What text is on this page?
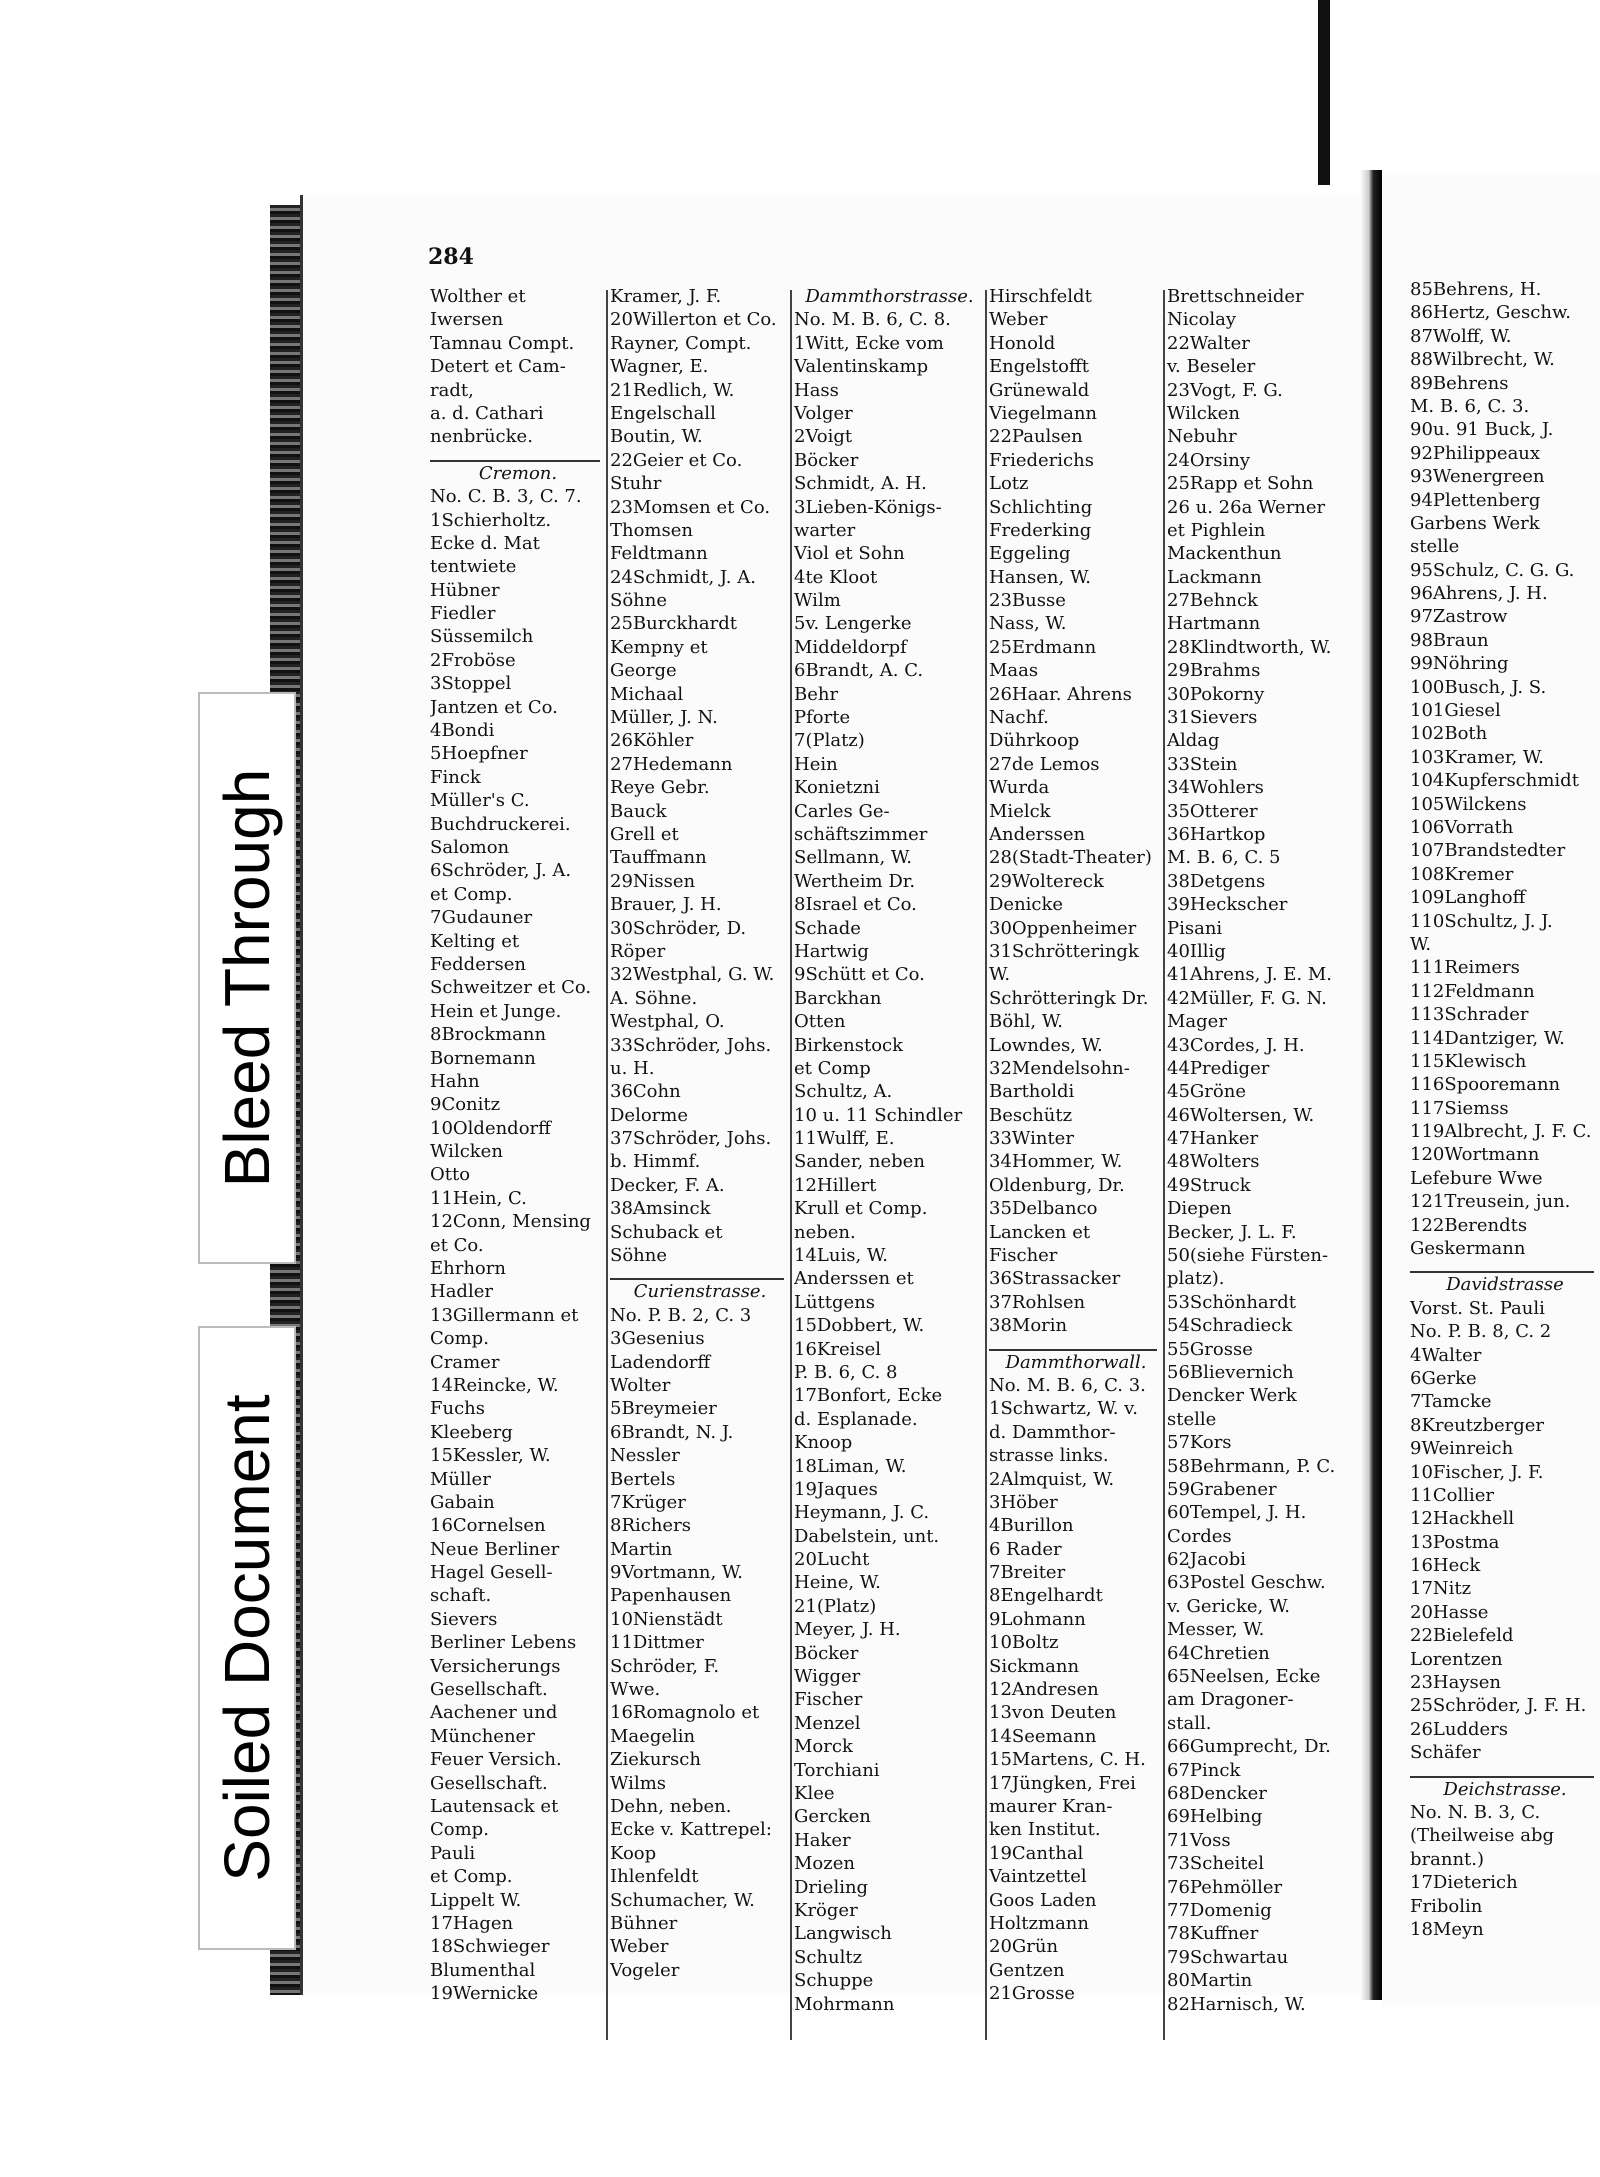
284
Wolther et
Iwersen
Tamnau Compt.
Detert et Cam-
radt,
a. d. Cathari
nenbrücke.
Cremon.
No. C. B. 3, C. 7.
1Schierholtz.
Ecke d. Mat
tentwiete
Hübner
Fiedler
Süssemilch
2Froböse
3Stoppel
Jantzen et Co.
4Bondi
5Hoepfner
Finck
Müller's C.
Buchdruckerei.
Salomon
6Schröder, J. A.
et Comp.
7Gudauner
Kelting et
Feddersen
Schweitzer et Co.
Hein et Junge.
8Brockmann
Bornemann
Hahn
9Conitz
10Oldendorff
Wilcken
Otto
11Hein, C.
12Conn, Mensing
et Co.
Ehrhorn
Hadler
13Gillermann et
Comp.
Cramer
14Reincke, W.
Fuchs
Kleeberg
15Kessler, W.
Müller
Gabain
16Cornelsen
Neue Berliner
Hagel Gesell-
schaft.
Sievers
Berliner Lebens
Versicherungs
Gesellschaft.
Aachener und
Münchener
Feuer Versich.
Gesellschaft.
Lautensack et
Comp.
Pauli
et Comp.
Lippelt W.
17Hagen
18Schwieger
Blumenthal
19Wernicke
Kramer, J. F.
20Willerton et Co.
Rayner, Compt.
Wagner, E.
21Redlich, W.
Engelschall
Boutin, W.
22Geier et Co.
Stuhr
23Momsen et Co.
Thomsen
Feldtmann
24Schmidt, J. A.
Söhne
25Burckhardt
Kempny et
George
Michaal
Müller, J. N.
26Köhler
27Hedemann
Reye Gebr.
Bauck
Grell et
Tauffmann
29Nissen
Brauer, J. H.
30Schröder, D.
Röper
32Westphal, G. W.
A. Söhne.
Westphal, O.
33Schröder, Johs.
u. H.
36Cohn
Delorme
37Schröder, Johs.
b. Himmf.
Decker, F. A.
38Amsinck
Schuback et
Söhne
Curienstrasse.
No. P. B. 2, C. 3
3Gesenius
Ladendorff
Wolter
5Breymeier
6Brandt, N. J.
Nessler
Bertels
7Krüger
8Richers
Martin
9Vortmann, W.
Papenhausen
10Nienstädt
11Dittmer
Schröder, F.
Wwe.
16Romagnolo et
Maegelin
Ziekursch
Wilms
Dehn, neben.
Ecke v. Kattrepel:
Koop
Ihlenfeldt
Schumacher, W.
Bühner
Weber
Vogeler
Dammthorstrasse.
No. M. B. 6, C. 8.
1Witt, Ecke vom
Valentinskamp
Hass
Volger
2Voigt
Böcker
Schmidt, A. H.
3Lieben-Königs-
warter
Viol et Sohn
4te Kloot
Wilm
5v. Lengerke
Middeldorpf
6Brandt, A. C.
Behr
Pforte
7(Platz)
Hein
Konietzni
Carles Ge-
schäftszimmer
Sellmann, W.
Wertheim Dr.
8Israel et Co.
Schade
Hartwig
9Schütt et Co.
Barckhan
Otten
Birkenstock
et Comp
Schultz, A.
10 u. 11 Schindler
11Wulff, E.
Sander, neben
12Hillert
Krull et Comp.
neben.
14Luis, W.
Anderssen et
Lüttgens
15Dobbert, W.
16Kreisel
P. B. 6, C. 8
17Bonfort, Ecke
d. Esplanade.
Knoop
18Liman, W.
19Jaques
Heymann, J. C.
Dabelstein, unt.
20Lucht
Heine, W.
21(Platz)
Meyer, J. H.
Böcker
Wigger
Fischer
Menzel
Morck
Torchiani
Klee
Gercken
Haker
Mozen
Drieling
Kröger
Langwisch
Schultz
Schuppe
Mohrmann
Hirschfeldt
Weber
Honold
Engelstofft
Grünewald
Viegelmann
22Paulsen
Friederichs
Lotz
Schlichting
Frederking
Eggeling
Hansen, W.
23Busse
Nass, W.
25Erdmann
Maas
26Haar. Ahrens
Nachf.
Dührkoop
27de Lemos
Wurda
Mielck
Anderssen
28(Stadt-Theater)
29Woltereck
Denicke
30Oppenheimer
31Schrötteringk
W.
Schrötteringk Dr.
Böhl, W.
Lowndes, W.
32Mendelsohn-
Bartholdi
Beschütz
33Winter
34Hommer, W.
Oldenburg, Dr.
35Delbanco
Lancken et
Fischer
36Strassacker
37Rohlsen
38Morin
Dammthorwall.
No. M. B. 6, C. 3.
1Schwartz, W. v.
d. Dammthor-
strasse links.
2Almquist, W.
3Höber
4Burillon
6 Rader
7Breiter
8Engelhardt
9Lohmann
10Boltz
Sickmann
12Andresen
13von Deuten
14Seemann
15Martens, C. H.
17Jüngken, Frei
maurer Kran-
ken Institut.
19Canthal
Vaintzettel
Goos Laden
Holtzmann
20Grün
Gentzen
21Grosse
Brettschneider
Nicolay
22Walter
v. Beseler
23Vogt, F. G.
Wilcken
Nebuhr
24Orsiny
25Rapp et Sohn
26 u. 26a Werner
et Pighlein
Mackenthun
Lackmann
27Behnck
Hartmann
28Klindtworth, W.
29Brahms
30Pokorny
31Sievers
Aldag
33Stein
34Wohlers
35Otterer
36Hartkop
M. B. 6, C. 5
38Detgens
39Heckscher
Pisani
40Illig
41Ahrens, J. E. M.
42Müller, F. G. N.
Mager
43Cordes, J. H.
44Prediger
45Gröne
46Woltersen, W.
47Hanker
48Wolters
49Struck
Diepen
Becker, J. L. F.
50(siehe Fürsten-
platz).
53Schönhardt
54Schradieck
55Grosse
56Blievernich
Dencker Werk
stelle
57Kors
58Behrmann, P. C.
59Grabener
60Tempel, J. H.
Cordes
62Jacobi
63Postel Geschw.
v. Gericke, W.
Messer, W.
64Chretien
65Neelsen, Ecke
am Dragoner-
stall.
66Gumprecht, Dr.
67Pinck
68Dencker
69Helbing
71Voss
73Scheitel
76Pehmöller
77Domenig
78Kuffner
79Schwartau
80Martin
82Harnisch, W.
85Behrens, H.
86Hertz, Geschw.
87Wolff, W.
88Wilbrecht, W.
89Behrens
M. B. 6, C. 3.
90u. 91 Buck, J.
92Philippeaux
93Wenergreen
94Plettenberg
Garbens Werk
stelle
95Schulz, C. G. G.
96Ahrens, J. H.
97Zastrow
98Braun
99Nöhring
100Busch, J. S.
101Giesel
102Both
103Kramer, W.
104Kupferschmidt
105Wilckens
106Vorrath
107Brandstedter
108Kremer
109Langhoff
110Schultz, J. J.
W.
111Reimers
112Feldmann
113Schrader
114Dantziger, W.
115Klewisch
116Spooremann
117Siemss
119Albrecht, J. F. C.
120Wortmann
Lefebure Wwe
121Treusein, jun.
122Berendts
Geskermann
Davidstrasse
Vorst. St. Pauli
No. P. B. 8, C. 2
4Walter
6Gerke
7Tamcke
8Kreutzberger
9Weinreich
10Fischer, J. F.
11Collier
12Hackhell
13Postma
16Heck
17Nitz
20Hasse
22Bielefeld
Lorentzen
23Haysen
25Schröder, J. F. H.
26Ludders
Schäfer
Deichstrasse.
No. N. B. 3, C.
(Theilweise abg
brannt.)
17Dieterich
Fribolin
18Meyn
Bleed Through
Soiled Document
